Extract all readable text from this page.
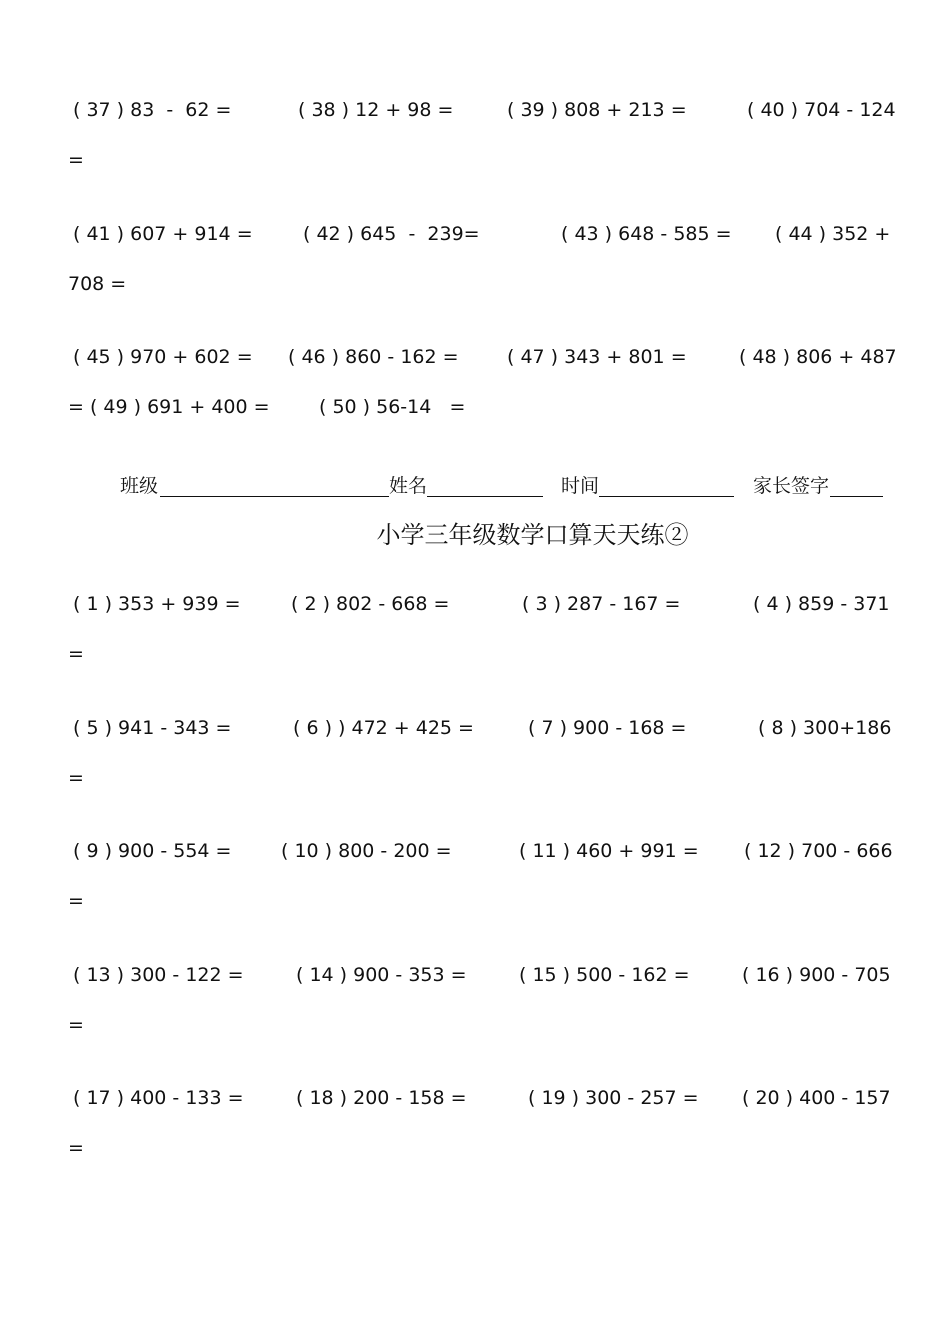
( 37 ) 83  -  62 =	( 38 ) 12 + 98 =	( 39 ) 808 + 213 =	( 40 ) 704 - 124
=
( 41 ) 607 + 914 =	( 42 ) 645  -  239=	( 43 ) 648 - 585 = ( 44 ) 352 +
708 =
( 45 ) 970 + 602 = ( 46 ) 860 - 162 =	( 47 ) 343 + 801 =	( 48 ) 806 + 487
= ( 49 ) 691 + 400 =	( 50 ) 56-14   =
班级	姓名	时间	家长签字
小学三年级数学口算天天练②
( 1 ) 353 + 939 =	( 2 ) 802 - 668 =	( 3 ) 287 - 167 =	( 4 ) 859 - 371
=
( 5 ) 941 - 343 =	( 6 ) ) 472 + 425 =	( 7 ) 900 - 168 =	( 8 ) 300+186
=
( 9 ) 900 - 554 =	( 10 ) 800 - 200 =	( 11 ) 460 + 991 = ( 12 ) 700 - 666
=
( 13 ) 300 - 122 =	( 14 ) 900 - 353 =	( 15 ) 500 - 162 =	( 16 ) 900 - 705
=
( 17 ) 400 - 133 =	( 18 ) 200 - 158 =	( 19 ) 300 - 257 = ( 20 ) 400 - 157
=
